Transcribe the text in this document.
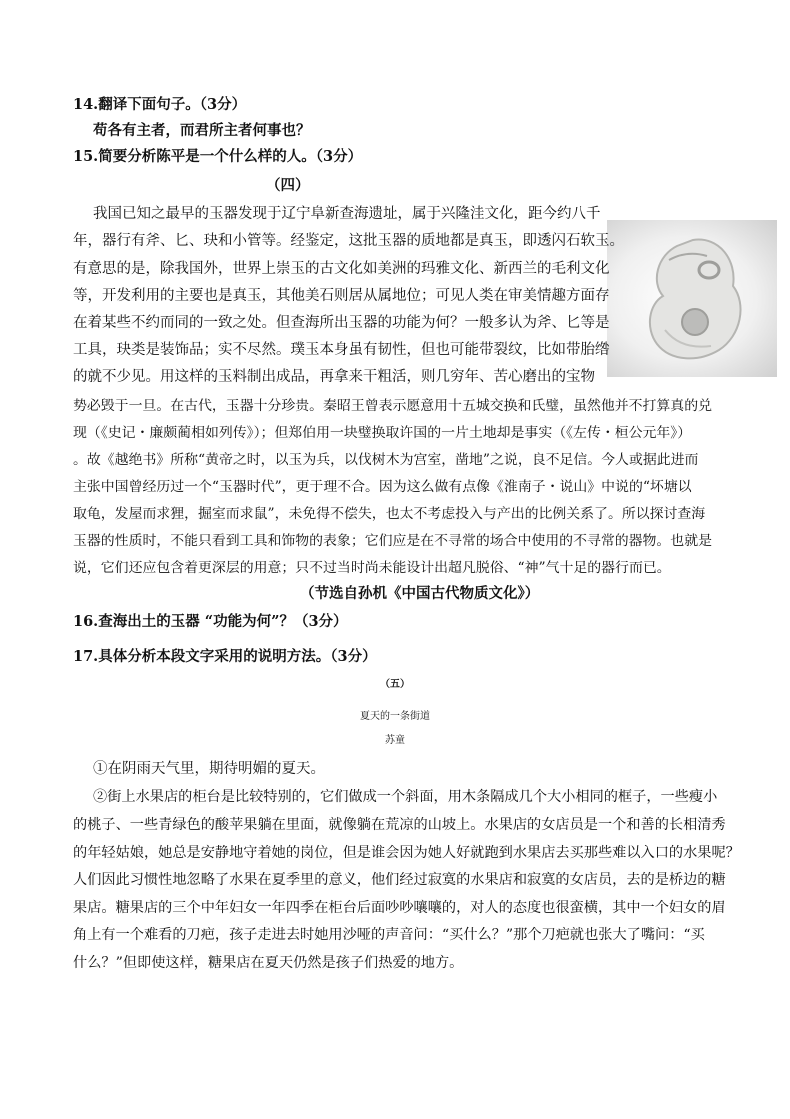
14.翻译下面句子。（3分）
苟各有主者，而君所主者何事也？
15.简要分析陈平是一个什么样的人。（3分）
（四）
我国已知之最早的玉器发现于辽宁阜新查海遗址，属于兴隆洼文化，距今约八千
年，器行有斧、匕、玦和小管等。经鉴定，这批玉器的质地都是真玉，即透闪石软玉。
有意思的是，除我国外，世界上崇玉的古文化如美洲的玛雅文化、新西兰的毛利文化
等，开发利用的主要也是真玉，其他美石则居从属地位；可见人类在审美情趣方面存
在着某些不约而同的一致之处。但查海所出玉器的功能为何？一般多认为斧、匕等是
工具，玦类是装饰品；实不尽然。璞玉本身虽有韧性，但也可能带裂纹，比如带胎绺
的就不少见。用这样的玉料制出成品，再拿来干粗活，则几穷年、苦心磨出的宝物
势必毁于一旦。在古代，玉器十分珍贵。秦昭王曾表示愿意用十五城交换和氏璧，虽然他并不打算真的兑
现（《史记・廉颇蔺相如列传》）；但郑伯用一块璧换取许国的一片土地却是事实（《左传・桓公元年》）
。故《越绝书》所称“黄帝之时，以玉为兵，以伐树木为宫室，凿地”之说，良不足信。今人或据此进而
主张中国曾经历过一个“玉器时代”，更于理不合。因为这么做有点像《淮南子・说山》中说的“坏塘以
取龟，发屋而求狸，掘室而求鼠”，未免得不偿失，也太不考虑投入与产出的比例关系了。所以探讨查海
玉器的性质时，不能只看到工具和饰物的表象；它们应是在不寻常的场合中使用的不寻常的器物。也就是
说，它们还应包含着更深层的用意；只不过当时尚未能设计出超凡脱俗、“神”气十足的器行而已。
（节选自孙机《中国古代物质文化》）
16.查海出土的玉器 “功能为何”？（3分）
17.具体分析本段文字采用的说明方法。（3分）
（五）
夏天的一条街道
苏童
①在阴雨天气里，期待明媚的夏天。
②街上水果店的柜台是比较特别的，它们做成一个斜面，用木条隔成几个大小相同的框子，一些瘦小
的桃子、一些青绿色的酸苹果躺在里面，就像躺在荒凉的山坡上。水果店的女店员是一个和善的长相清秀
的年轻姑娘，她总是安静地守着她的岗位，但是谁会因为她人好就跑到水果店去买那些难以入口的水果呢？
人们因此习惯性地忽略了水果在夏季里的意义，他们经过寂寞的水果店和寂寞的女店员，去的是桥边的糖
果店。糖果店的三个中年妇女一年四季在柜台后面吵吵嚷嚷的，对人的态度也很蛮横，其中一个妇女的眉
角上有一个难看的刀疤，孩子走进去时她用沙哑的声音问：“买什么？”那个刀疤就也张大了嘴问：“买
什么？”但即使这样，糖果店在夏天仍然是孩子们热爱的地方。
